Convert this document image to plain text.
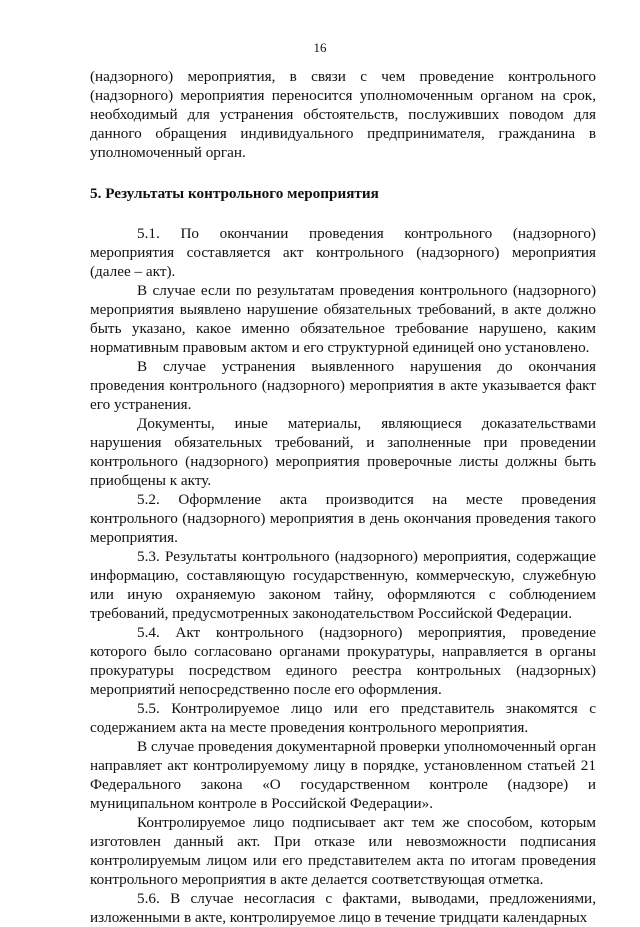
16

(надзорного) мероприятия, в связи с чем проведение контрольного (надзорного) мероприятия переносится уполномоченным органом на срок, необходимый для устранения обстоятельств, послуживших поводом для данного обращения индивидуального предпринимателя, гражданина в уполномоченный орган.

5. Результаты контрольного мероприятия

5.1. По окончании проведения контрольного (надзорного) мероприятия составляется акт контрольного (надзорного) мероприятия (далее – акт).

В случае если по результатам проведения контрольного (надзорного) мероприятия выявлено нарушение обязательных требований, в акте должно быть указано, какое именно обязательное требование нарушено, каким нормативным правовым актом и его структурной единицей оно установлено.

В случае устранения выявленного нарушения до окончания проведения контрольного (надзорного) мероприятия в акте указывается факт его устранения.

Документы, иные материалы, являющиеся доказательствами нарушения обязательных требований, и заполненные при проведении контрольного (надзорного) мероприятия проверочные листы должны быть приобщены к акту.

5.2. Оформление акта производится на месте проведения контрольного (надзорного) мероприятия в день окончания проведения такого мероприятия.

5.3. Результаты контрольного (надзорного) мероприятия, содержащие информацию, составляющую государственную, коммерческую, служебную или иную охраняемую законом тайну, оформляются с соблюдением требований, предусмотренных законодательством Российской Федерации.

5.4. Акт контрольного (надзорного) мероприятия, проведение которого было согласовано органами прокуратуры, направляется в органы прокуратуры посредством единого реестра контрольных (надзорных) мероприятий непосредственно после его оформления.

5.5. Контролируемое лицо или его представитель знакомятся с содержанием акта на месте проведения контрольного мероприятия.

В случае проведения документарной проверки уполномоченный орган направляет акт контролируемому лицу в порядке, установленном статьей 21 Федерального закона «О государственном контроле (надзоре) и муниципальном контроле в Российской Федерации».

Контролируемое лицо подписывает акт тем же способом, которым изготовлен данный акт. При отказе или невозможности подписания контролируемым лицом или его представителем акта по итогам проведения контрольного мероприятия в акте делается соответствующая отметка.

5.6. В случае несогласия с фактами, выводами, предложениями, изложенными в акте, контролируемое лицо в течение тридцати календарных
